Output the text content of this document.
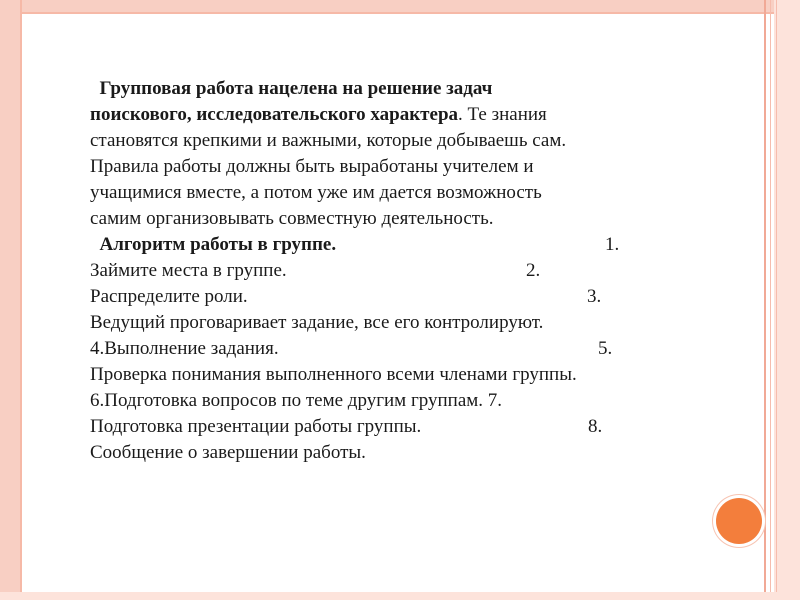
Групповая работа нацелена на решение задач
поискового, исследовательского характера. Те знания
становятся крепкими и важными, которые добываешь сам.
Правила работы должны быть выработаны учителем и
учащимися вместе, а потом уже им дается возможность
самим организовывать совместную деятельность.
Алгоритм работы в группе.	1.
Займите места в группе.	2.
Распределите роли.	3.
Ведущий проговаривает задание, все его контролируют.
4.Выполнение задания.	5.
Проверка понимания выполненного всеми членами группы.
6.Подготовка вопросов по теме другим группам. 7.
Подготовка презентации работы группы.	8.
Сообщение о завершении работы.
